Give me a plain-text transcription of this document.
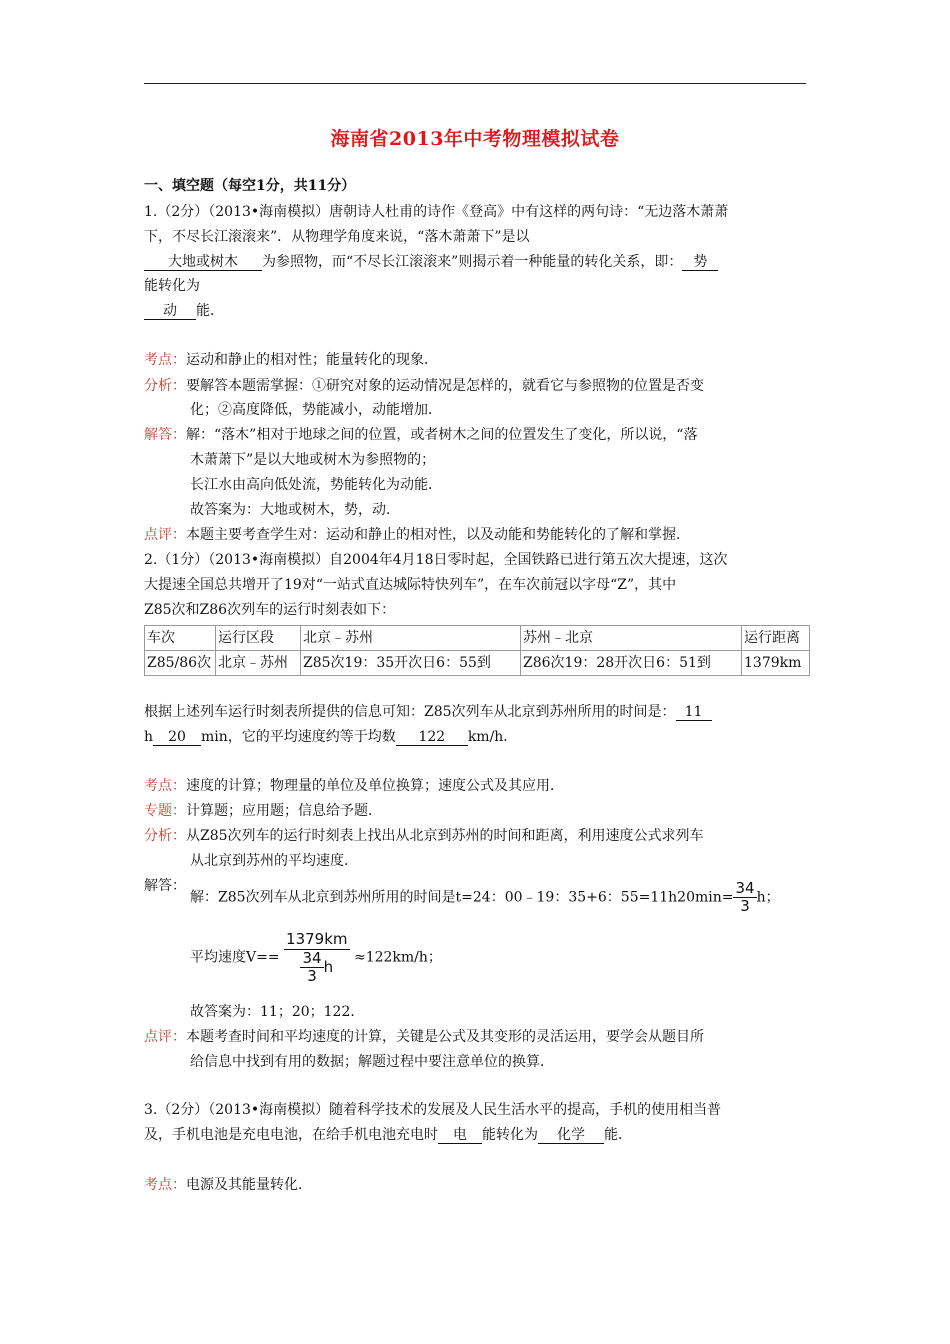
海南省2013年中考物理模拟试卷
一、填空题（每空1分，共11分）
1.（2分）（2013•海南模拟）唐朝诗人杜甫的诗作《登高》中有这样的两句诗：“无边落木萧萧
下，不尽长江滚滚来”．从物理学角度来说，“落木萧萧下”是以
大地或树木 为参照物，而“不尽长江滚滚来”则揭示着一种能量的转化关系，即： 势
能转化为
动 能．
考点：运动和静止的相对性；能量转化的现象．
分析：要解答本题需掌握：①研究对象的运动情况是怎样的，就看它与参照物的位置是否变
化；②高度降低，势能减小，动能增加．
解答：解：“落木”相对于地球之间的位置，或者树木之间的位置发生了变化，所以说，“落
木萧萧下”是以大地或树木为参照物的；
长江水由高向低处流，势能转化为动能．
故答案为：大地或树木，势，动．
点评：本题主要考查学生对：运动和静止的相对性，以及动能和势能转化的了解和掌握．
2.（1分）（2013•海南模拟）自2004年4月18日零时起，全国铁路已进行第五次大提速，这次
大提速全国总共增开了19对“一站式直达城际特快列车”，在车次前冠以字母“Z”，其中
Z85次和Z86次列车的运行时刻表如下：
车次	运行区段	北京﹣苏州	苏州﹣北京	运行距离
Z85/86次	北京﹣苏州	Z85次19：35开次日6：55到	Z86次19：28开次日6：51到	1379km
根据上述列车运行时刻表所提供的信息可知：Z85次列车从北京到苏州所用的时间是： 11
h 20 min，它的平均速度约等于均数 122 km/h．
考点：速度的计算；物理量的单位及单位换算；速度公式及其应用．
专题：计算题；应用题；信息给予题．
分析：从Z85次列车的运行时刻表上找出从北京到苏州的时间和距离，利用速度公式求列车
从北京到苏州的平均速度．
解答：
解：Z85次列车从北京到苏州所用的时间是t=24：00﹣19：35+6：$55=11h20\min= \frac{34}{3}$ h；
平均速度$V== \frac{1379km}{\frac{34}{3} h} \approx 122km/h$；
故答案为：11；20；122．
点评：本题考查时间和平均速度的计算，关键是公式及其变形的灵活运用，要学会从题目所
给信息中找到有用的数据；解题过程中要注意单位的换算．
3.（2分）（2013•海南模拟）随着科学技术的发展及人民生活水平的提高，手机的使用相当普
及，手机电池是充电电池，在给手机电池充电时 电 能转化为 化学 能．
考点：电源及其能量转化．
